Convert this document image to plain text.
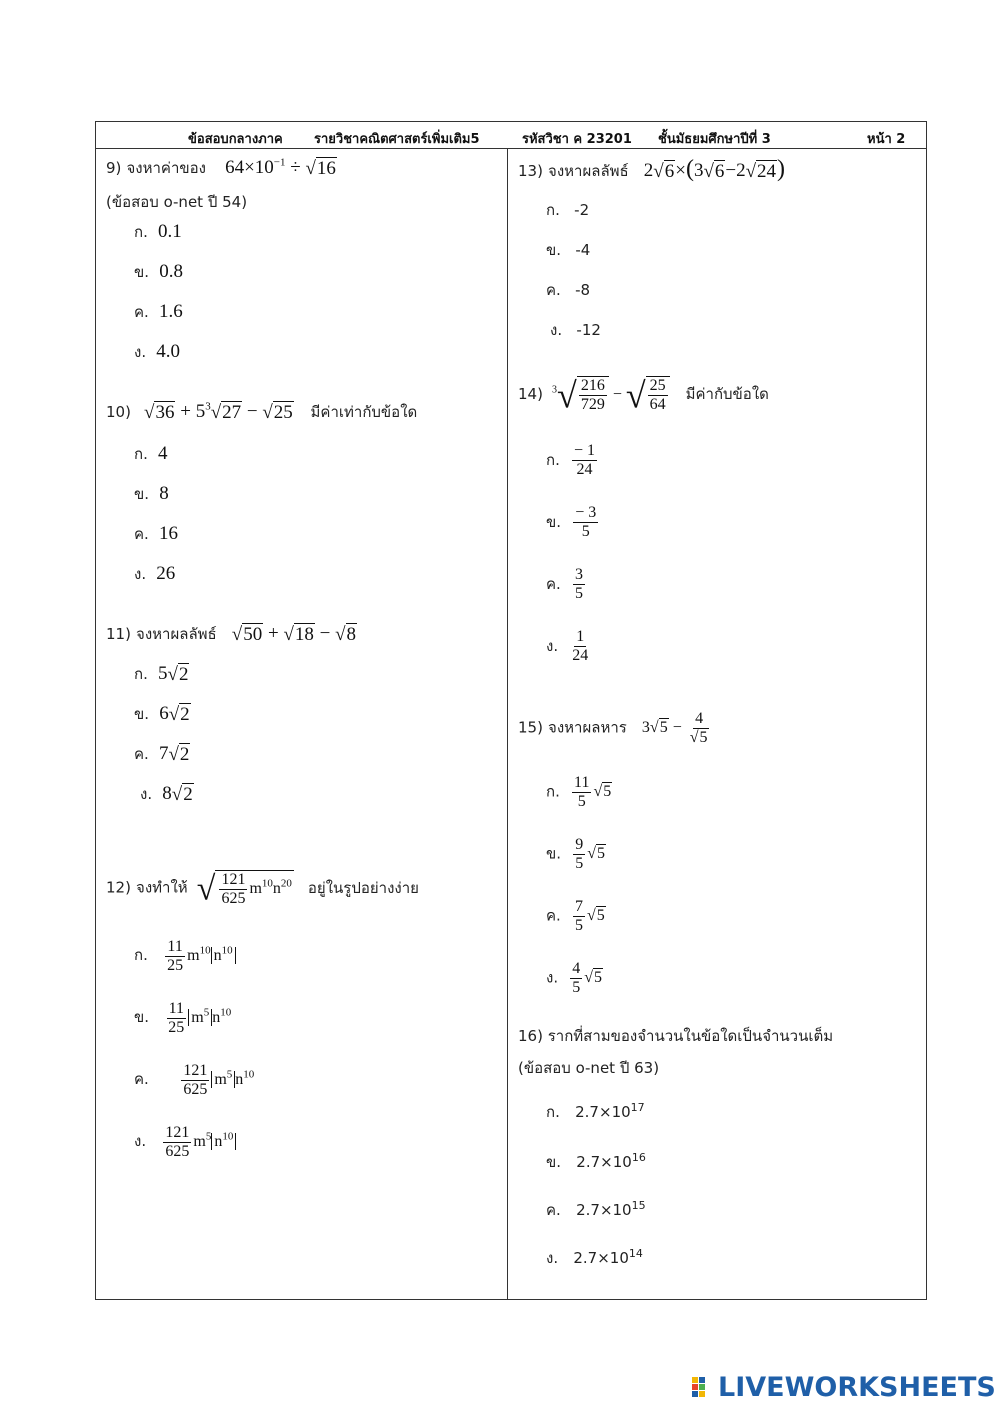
ข้อสอบกลางภาค รายวิชาคณิตศาสตร์เพิ่มเติม5	รหัสวิชา ค 23201 ชั้นมัธยมศึกษาปีที่ 3	หน้า 2
9) จงหาค่าของ $64\times 10^{-1} \div √16$
(ข้อสอบ o-net ปี 54)
ก. 0.1
ข. 0.8
ค. 1.6
ง. 4.0
10) $√36 + 5^3√27 - √25$ มีค่าเท่ากับข้อใด
ก. 4
ข. 8
ค. 16
ง. 26
11) จงหาผลลัพธ์ √50 + √18 − √8
ก. 5√2
ข. 6√2
ค. 7√2
ง. 8√2
12) จงทำให้ √ $\frac{121}{625} m^{10}n^{20}$ อยู่ในรูปอย่างง่าย
ก. $\frac{11}{25} m^{10}$ $n^{10}$
ข. $\frac{11}{25} m^5$ $n^{10}$
ค. $\frac{121}{625} m^5$ $n^{10}$
ง. $\frac{121}{625} m^5$ $n^{10}$
13) จงหาผลลัพธ์ 2√6×(3√6−2√24)
ก. -2
ข. -4
ค. -8
ง. -12
14) $^3√ \frac{216}{729}$ − √ $\frac{25}{64}$ มีค่ากับข้อใด
ก. $\frac{- 1}{24}$
ข. $\frac{- 3}{5}$
ค. $\frac{3}{5}$
ง. $\frac{1}{24}$
15) จงหาผลหาร $3√5 - \frac{4}{√5}$
ก. $\frac{11}{5} √5$
ข. $\frac{9}{5} √5$
ค. $\frac{7}{5} √5$
ง. $\frac{4}{5} √5$
16) รากที่สามของจำนวนในข้อใดเป็นจำนวนเต็ม
(ข้อสอบ o-net ปี 63)
ก. $2.7\times 10^{17}$
ข. $2.7\times 10^{16}$
ค. $2.7\times 10^{15}$
ง. $2.7\times 10^{14}$
LIVEWORKSHEETS
